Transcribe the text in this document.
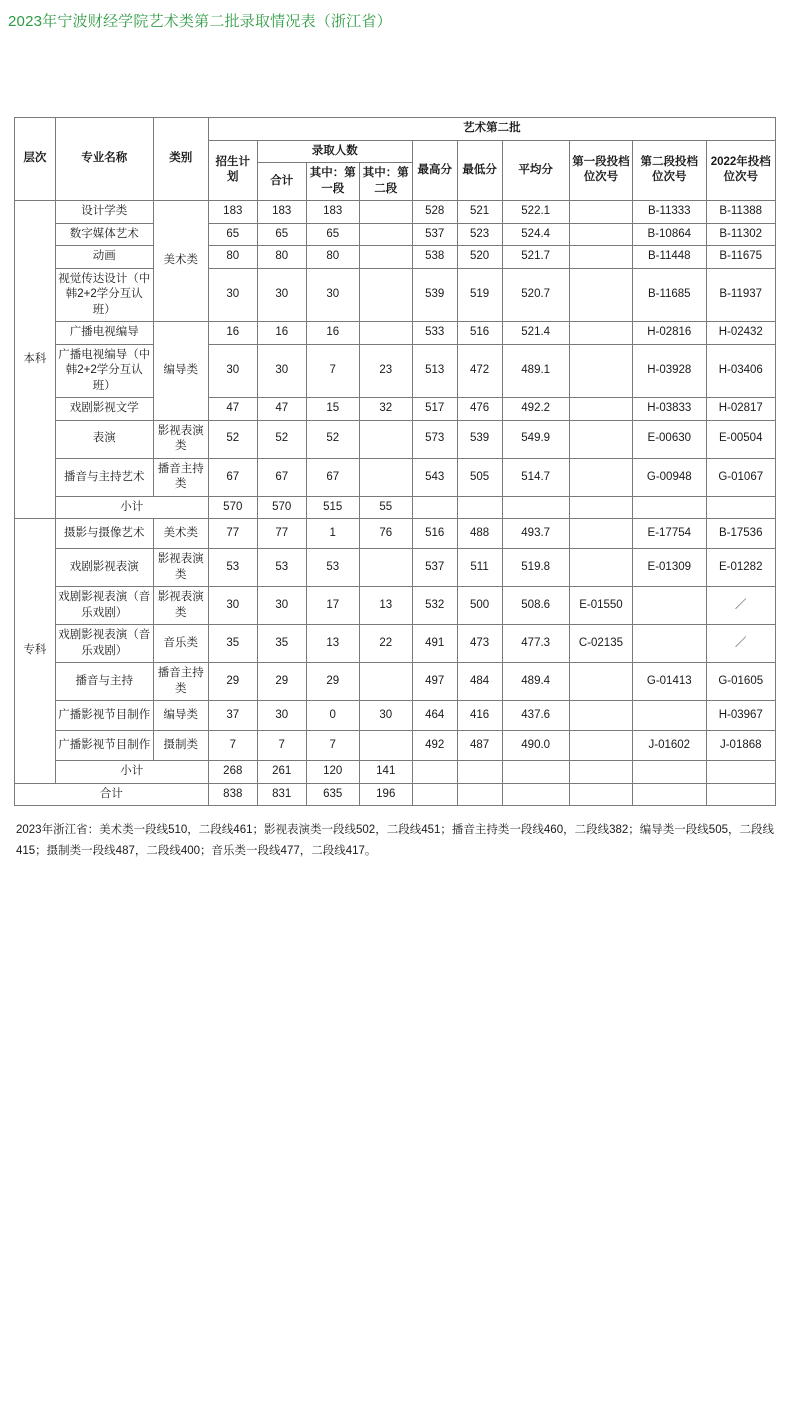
2023年宁波财经学院艺术类第二批录取情况表（浙江省）
层次	专业名称	类别	艺术第二批									
			招生计划	录取人数			最高分	最低分	平均分	第一段投档位次号	第二段投档位次号	2022年投档位次号
				合计	其中：第一段	其中：第二段						
本科	设计学类	美术类	183	183	183		528	521	522.1		B-11333	B-11388
	数字媒体艺术		65	65	65		537	523	524.4		B-10864	B-11302
	动画		80	80	80		538	520	521.7		B-11448	B-11675
	视觉传达设计（中韩2+2学分互认班）		30	30	30		539	519	520.7		B-11685	B-11937
	广播电视编导	编导类	16	16	16		533	516	521.4		H-02816	H-02432
	广播电视编导（中韩2+2学分互认班）		30	30	7	23	513	472	489.1		H-03928	H-03406
	戏剧影视文学		47	47	15	32	517	476	492.2		H-03833	H-02817
	表演	影视表演类	52	52	52		573	539	549.9		E-00630	E-00504
	播音与主持艺术	播音主持类	67	67	67		543	505	514.7		G-00948	G-01067
	小计		570	570	515	55						
专科	摄影与摄像艺术	美术类	77	77	1	76	516	488	493.7		E-17754	B-17536
	戏剧影视表演	影视表演类	53	53	53		537	511	519.8		E-01309	E-01282
	戏剧影视表演（音乐戏剧）	影视表演类	30	30	17	13	532	500	508.6	E-01550		／
	戏剧影视表演（音乐戏剧）	音乐类	35	35	13	22	491	473	477.3	C-02135		／
	播音与主持	播音主持类	29	29	29		497	484	489.4		G-01413	G-01605
	广播影视节目制作	编导类	37	30	0	30	464	416	437.6			H-03967
	广播影视节目制作	摄制类	7	7	7		492	487	490.0		J-01602	J-01868
	小计		268	261	120	141						
合计			838	831	635	196						
2023年浙江省：美术类一段线510，二段线461；影视表演类一段线502，二段线451；播音主持类一段线460，二段线382；编导类一段线505，二段线415；摄制类一段线487，二段线400；音乐类一段线477，二段线417。
